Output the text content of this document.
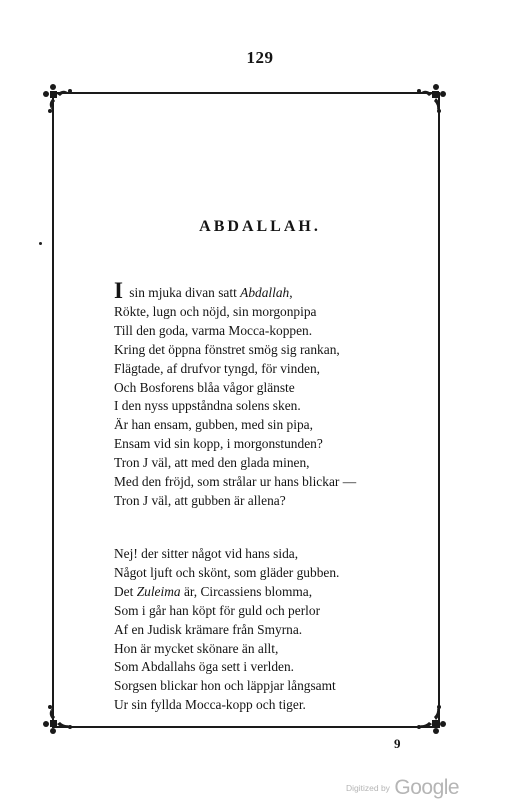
129
ABDALLAH.
I sin mjuka divan satt Abdallah,
Rökte, lugn och nöjd, sin morgonpipa
Till den goda, varma Mocca-koppen.
Kring det öppna fönstret smög sig rankan,
Flägtade, af drufvor tyngd, för vinden,
Och Bosforens blåa vågor glänste
I den nyss uppståndna solens sken.
Är han ensam, gubben, med sin pipa,
Ensam vid sin kopp, i morgonstunden?
Tron J väl, att med den glada minen,
Med den fröjd, som strålar ur hans blickar —
Tron J väl, att gubben är allena?
Nej! der sitter något vid hans sida,
Något ljuft och skönt, som gläder gubben.
Det Zuleima är, Circassiens blomma,
Som i går han köpt för guld och perlor
Af en Judisk krämare från Smyrna.
Hon är mycket skönare än allt,
Som Abdallahs öga sett i verlden.
Sorgsen blickar hon och läppjar långsamt
Ur sin fyllda Mocca-kopp och tiger.
9
Digitized by Google
